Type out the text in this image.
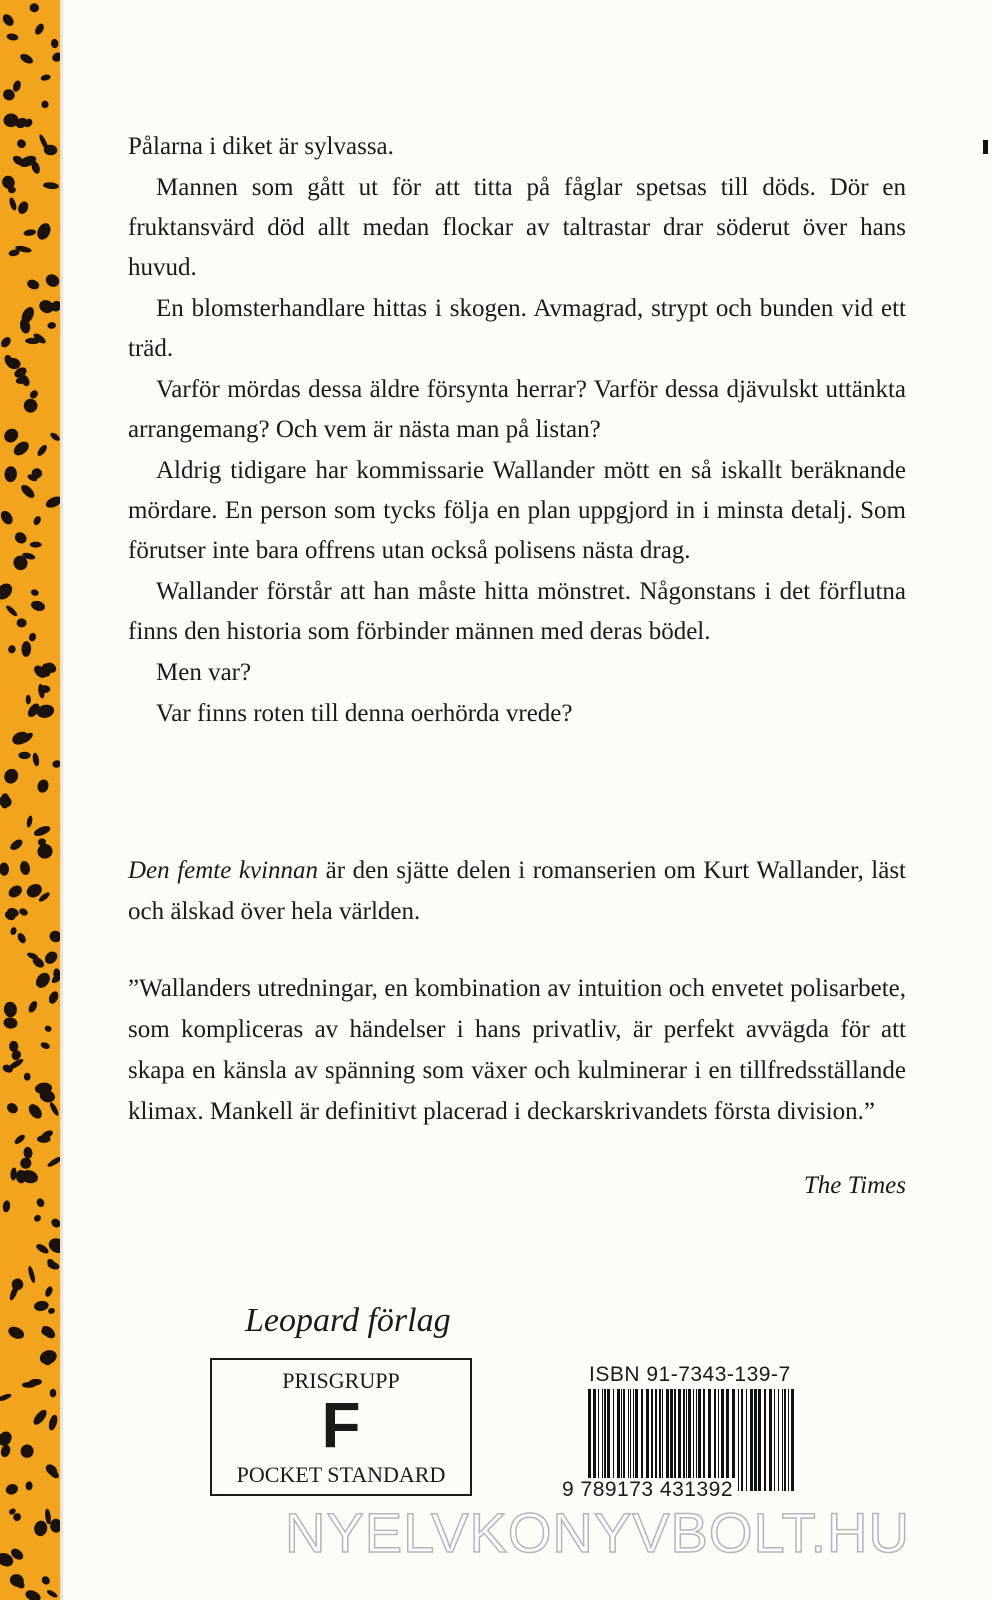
Pålarna i diket är sylvassa.

Mannen som gått ut för att titta på fåglar spetsas till döds. Dör en fruktansvärd död allt medan flockar av taltrastar drar söderut över hans huvud.

En blomsterhandlare hittas i skogen. Avmagrad, strypt och bunden vid ett träd.

Varför mördas dessa äldre försynta herrar? Varför dessa djävulskt uttänkta arrangemang? Och vem är nästa man på listan?

Aldrig tidigare har kommissarie Wallander mött en så iskallt beräknande mördare. En person som tycks följa en plan uppgjord in i minsta detalj. Som förutser inte bara offrens utan också polisens nästa drag.

Wallander förstår att han måste hitta mönstret. Någonstans i det förflutna finns den historia som förbinder männen med deras bödel.

Men var?

Var finns roten till denna oerhörda vrede?

Den femte kvinnan är den sjätte delen i romanserien om Kurt Wallander, läst och älskad över hela världen.
”Wallanders utredningar, en kombination av intuition och envetet polisarbete, som kompliceras av händelser i hans privatliv, är perfekt avvägda för att skapa en känsla av spänning som växer och kulminerar i en tillfredsställande klimax. Mankell är definitivt placerad i deckarskrivandets första division.”
The Times
Leopard förlag
PRISGRUPP
F
POCKET STANDARD
ISBN 91-7343-139-7
9 789173 431392
NYELVKONYVBOLT.HU
